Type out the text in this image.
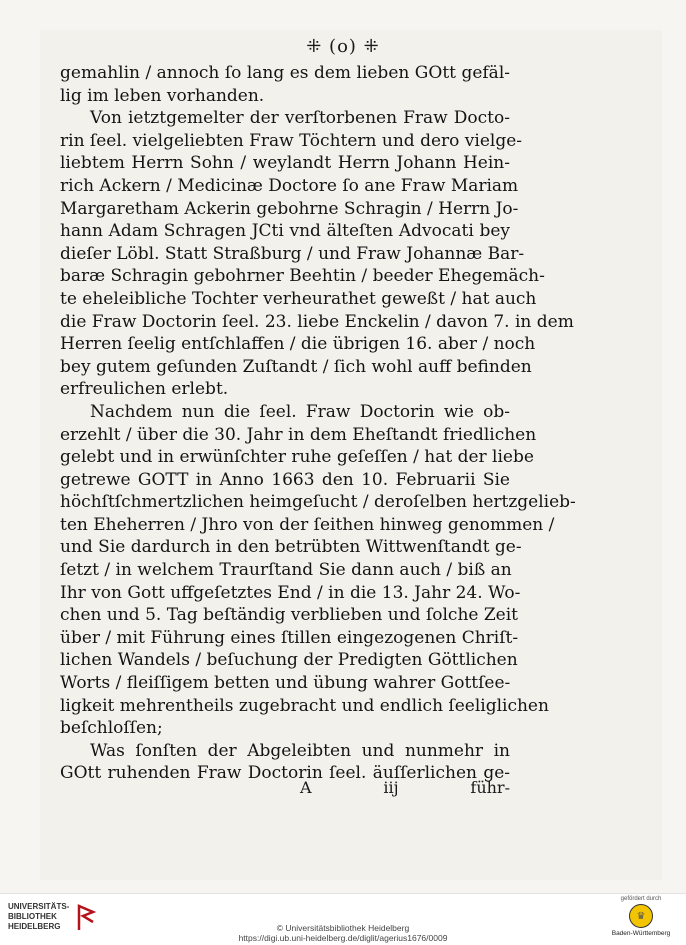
⁜ (o) ⁜
gemahlin / annoch ſo lang es dem lieben GOtt gefäl-
lig im leben vorhanden.
Von ietztgemelter der verſtorbenen Fraw Docto-
rin ſeel. vielgeliebten Fraw Töchtern und dero vielge-
liebtem Herrn Sohn / weylandt Herrn Johann Hein-
rich Ackern / Medicinæ Doctore ſo ane Fraw Mariam
Margaretham Ackerin gebohrne Schragin / Herrn Jo-
hann Adam Schragen JCti vnd älteſten Advocati bey
dieſer Löbl. Statt Straßburg / und Fraw Johannæ Bar-
baræ Schragin gebohrner Beehtin / beeder Ehegemäch-
te eheleibliche Tochter verheurathet geweßt / hat auch
die Fraw Doctorin ſeel. 23. liebe Enckelin / davon 7. in dem
Herren ſeelig entſchlaffen / die übrigen 16. aber / noch
bey gutem geſunden Zuſtandt / ſich wohl auff befinden
erfreulichen erlebt.
Nachdem nun die ſeel. Fraw Doctorin wie ob-
erzehlt / über die 30. Jahr in dem Eheſtandt friedlichen
gelebt und in erwünſchter ruhe geſeſſen / hat der liebe
getrewe GOTT in Anno 1663 den 10. Februarii Sie
höchſtſchmertzlichen heimgeſucht / deroſelben hertzgelieb-
ten Eheherren / Jhro von der ſeithen hinweg genommen /
und Sie dardurch in den betrübten Wittwenſtandt ge-
ſetzt / in welchem Traurſtand Sie dann auch / biß an
Ihr von Gott uffgeſetztes End / in die 13. Jahr 24. Wo-
chen und 5. Tag beſtändig verblieben und ſolche Zeit
über / mit Führung eines ſtillen eingezogenen Chriſt-
lichen Wandels / beſuchung der Predigten Göttlichen
Worts / fleiſſigem betten und übung wahrer Gottſee-
ligkeit mehrentheils zugebracht und endlich ſeeliglichen
beſchloſſen;
Was ſonſten der Abgeleibten und nunmehr in
GOtt ruhenden Fraw Doctorin ſeel. äuſſerlichen ge-
A	iij	führ-
UNIVERSITÄTS-
BIBLIOTHEK
HEIDELBERG	© Universitätsbibliothek Heidelberg
https://digi.ub.uni-heidelberg.de/diglit/agerius1676/0009
gefördert durch
♛
Baden-Württemberg
